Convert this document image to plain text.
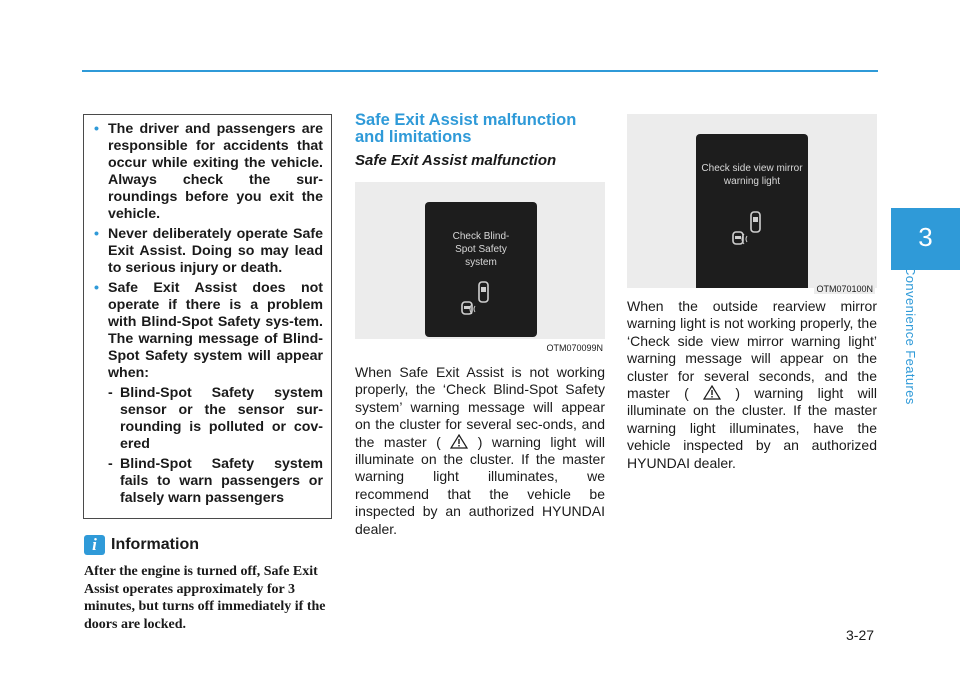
3
Convenience Features
• The driver and passengers are responsible for accidents that occur while exiting the vehicle. Always check the sur-roundings before you exit the vehicle.
• Never deliberately operate Safe Exit Assist. Doing so may lead to serious injury or death.
• Safe Exit Assist does not operate if there is a problem with Blind-Spot Safety sys-tem. The warning message of Blind-Spot Safety system will appear when:
- Blind-Spot Safety system sensor or the sensor sur-rounding is polluted or cov-ered
- Blind-Spot Safety system fails to warn passengers or falsely warn passengers
i Information
After the engine is turned off, Safe Exit Assist operates approximately for 3 minutes, but turns off immediately if the doors are locked.
Safe Exit Assist malfunction and limitations
Safe Exit Assist malfunction
Check Blind-Spot Safety system
OTM070099N
When Safe Exit Assist is not working properly, the ‘Check Blind-Spot Safety system’ warning message will appear on the cluster for several sec-onds, and the master (	) warning light will illuminate on the cluster. If the master warning light illuminates, we recommend that the vehicle be inspected by an authorized HYUNDAI dealer.
Check side view mirror warning light
OTM070100N
When the outside rearview mirror warning light is not working properly, the ‘Check side view mirror warning light’ warning message will appear on the cluster for several seconds, and the master (	) warning light will illuminate on the cluster. If the master warning light illuminates, have the vehicle inspected by an authorized HYUNDAI dealer.
3-27
